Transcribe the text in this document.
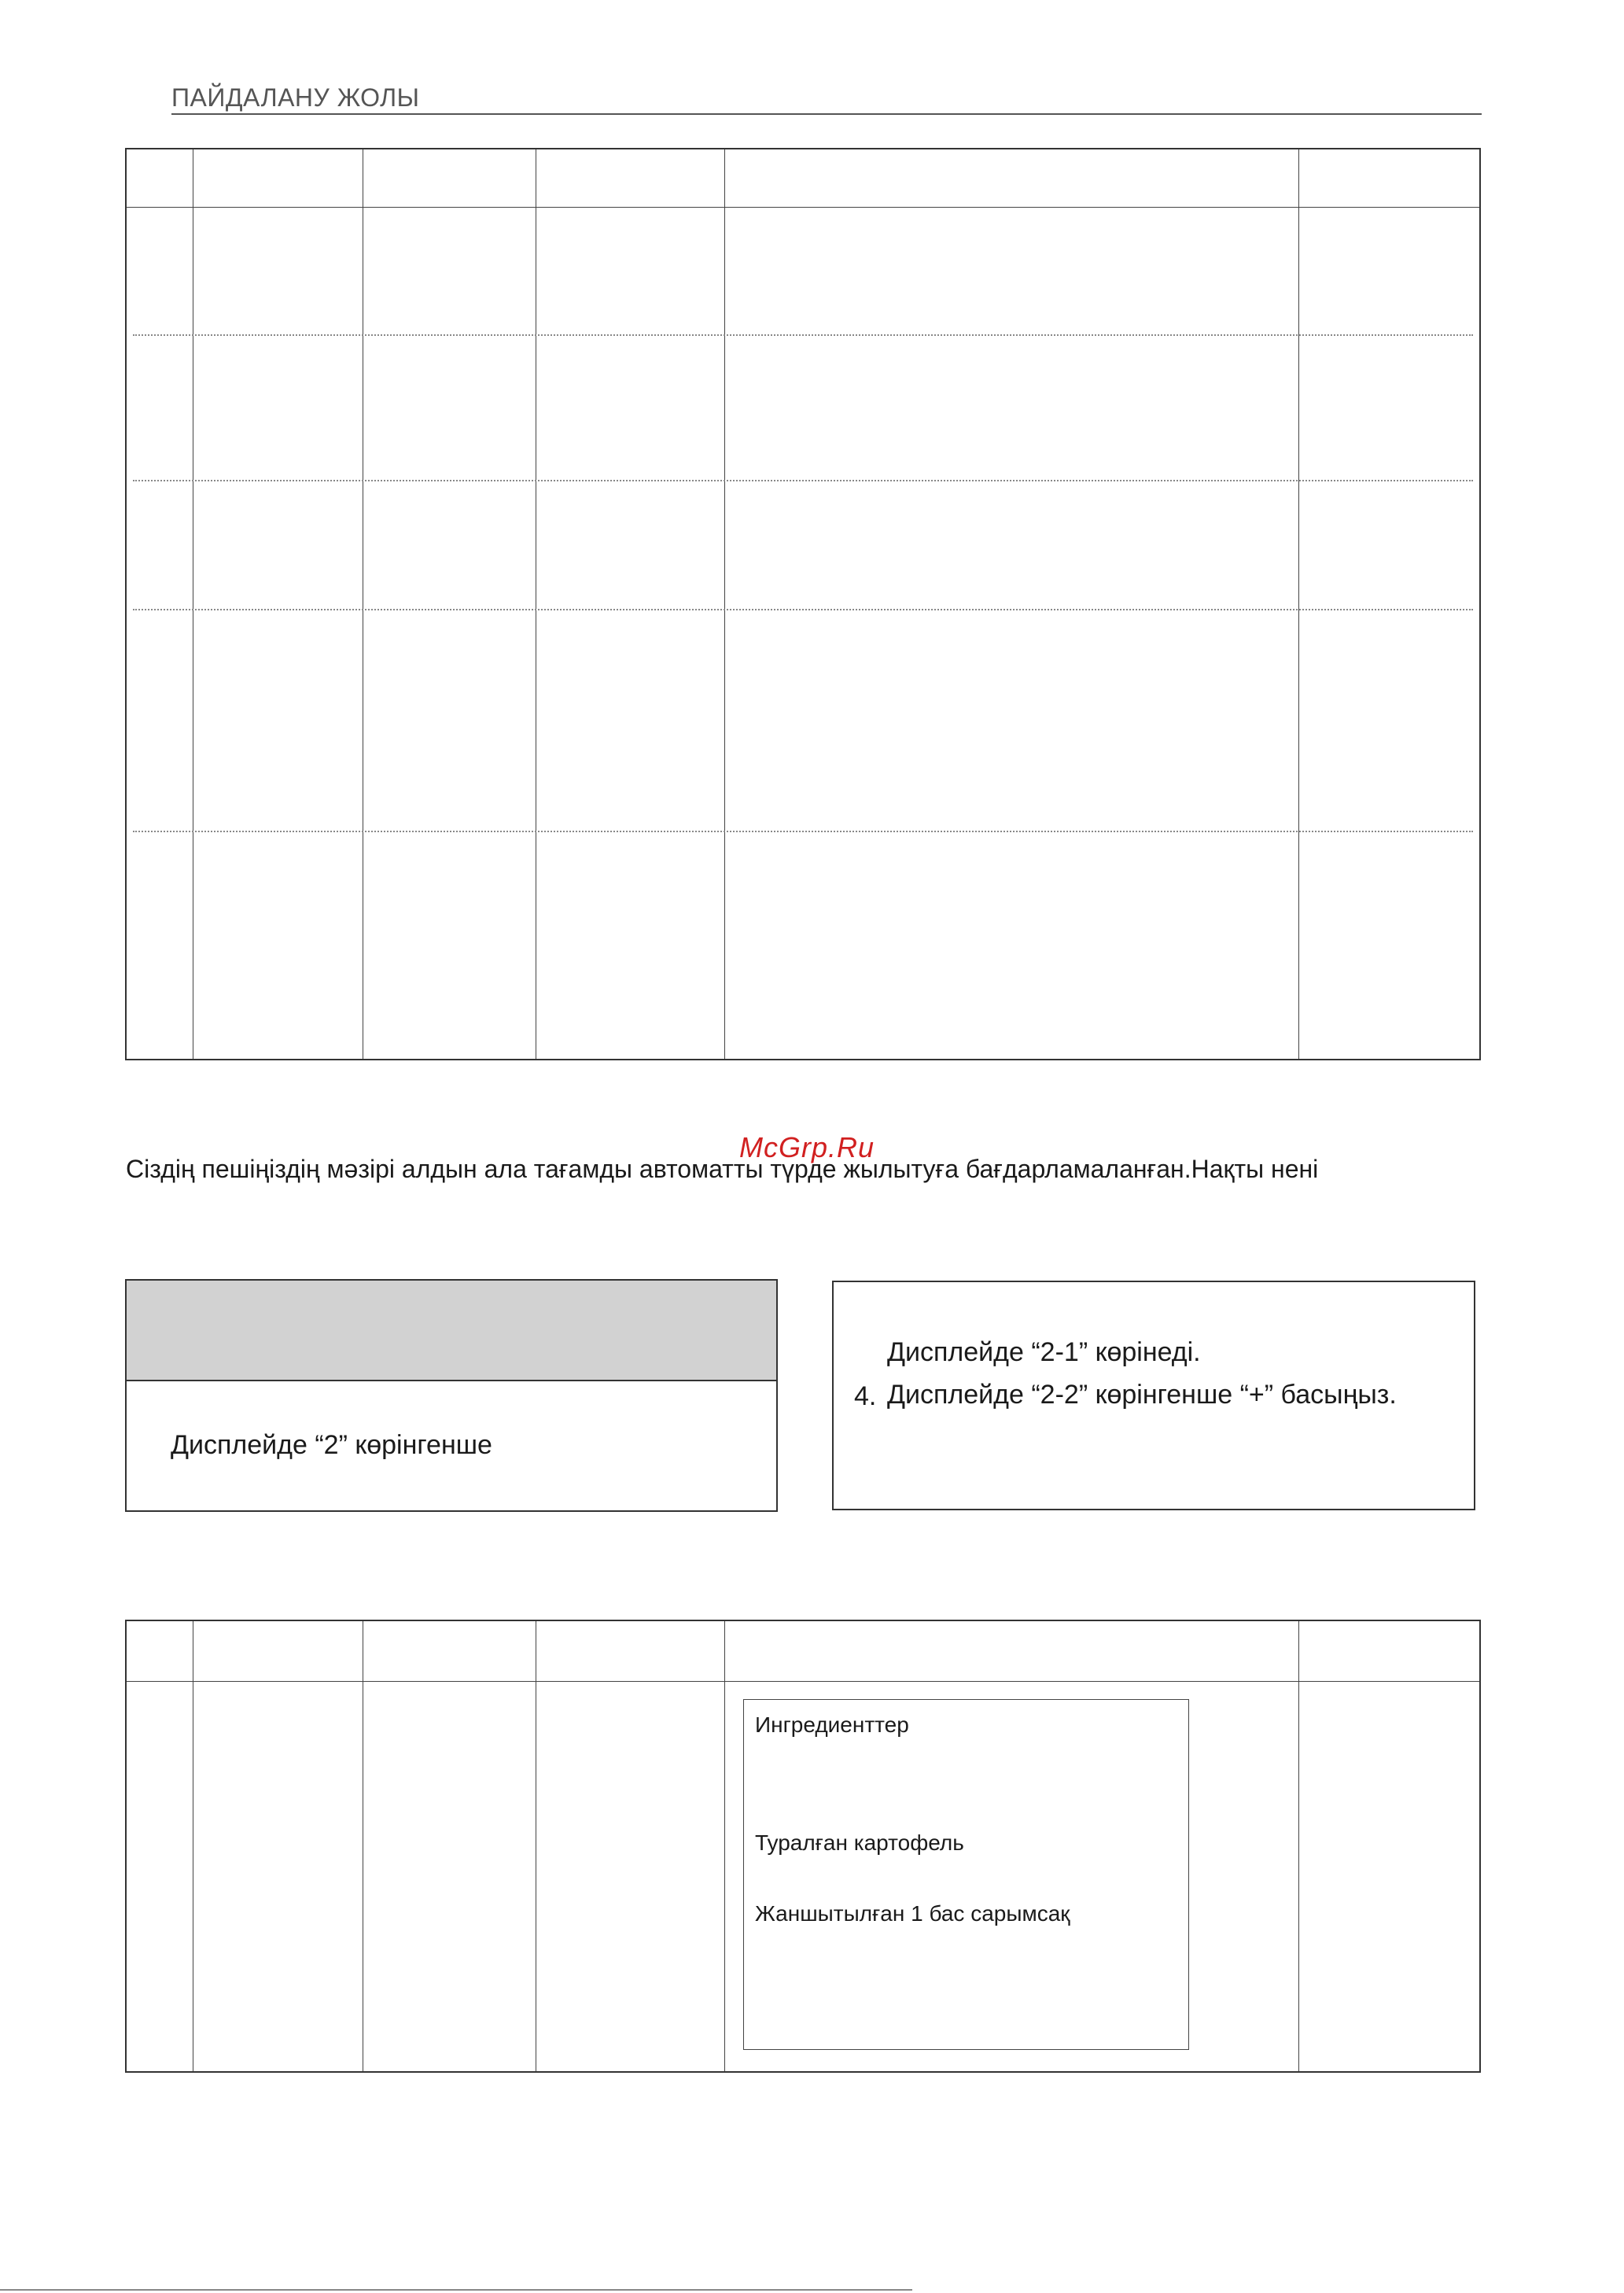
ПАЙДАЛАНУ ЖОЛЫ
McGrp.Ru
Сіздің пешіңіздің мәзірі алдын ала тағамды автоматты түрде жылытуға бағдарламаланған.Нақты нені
Дисплейде “2” көрінгенше
Дисплейде “2-1” көрінеді.
4. Дисплейде “2-2” көрінгенше “+” басыңыз.
Ингредиенттер
Туралған картофель
Жаншытылған 1 бас сарымсақ
